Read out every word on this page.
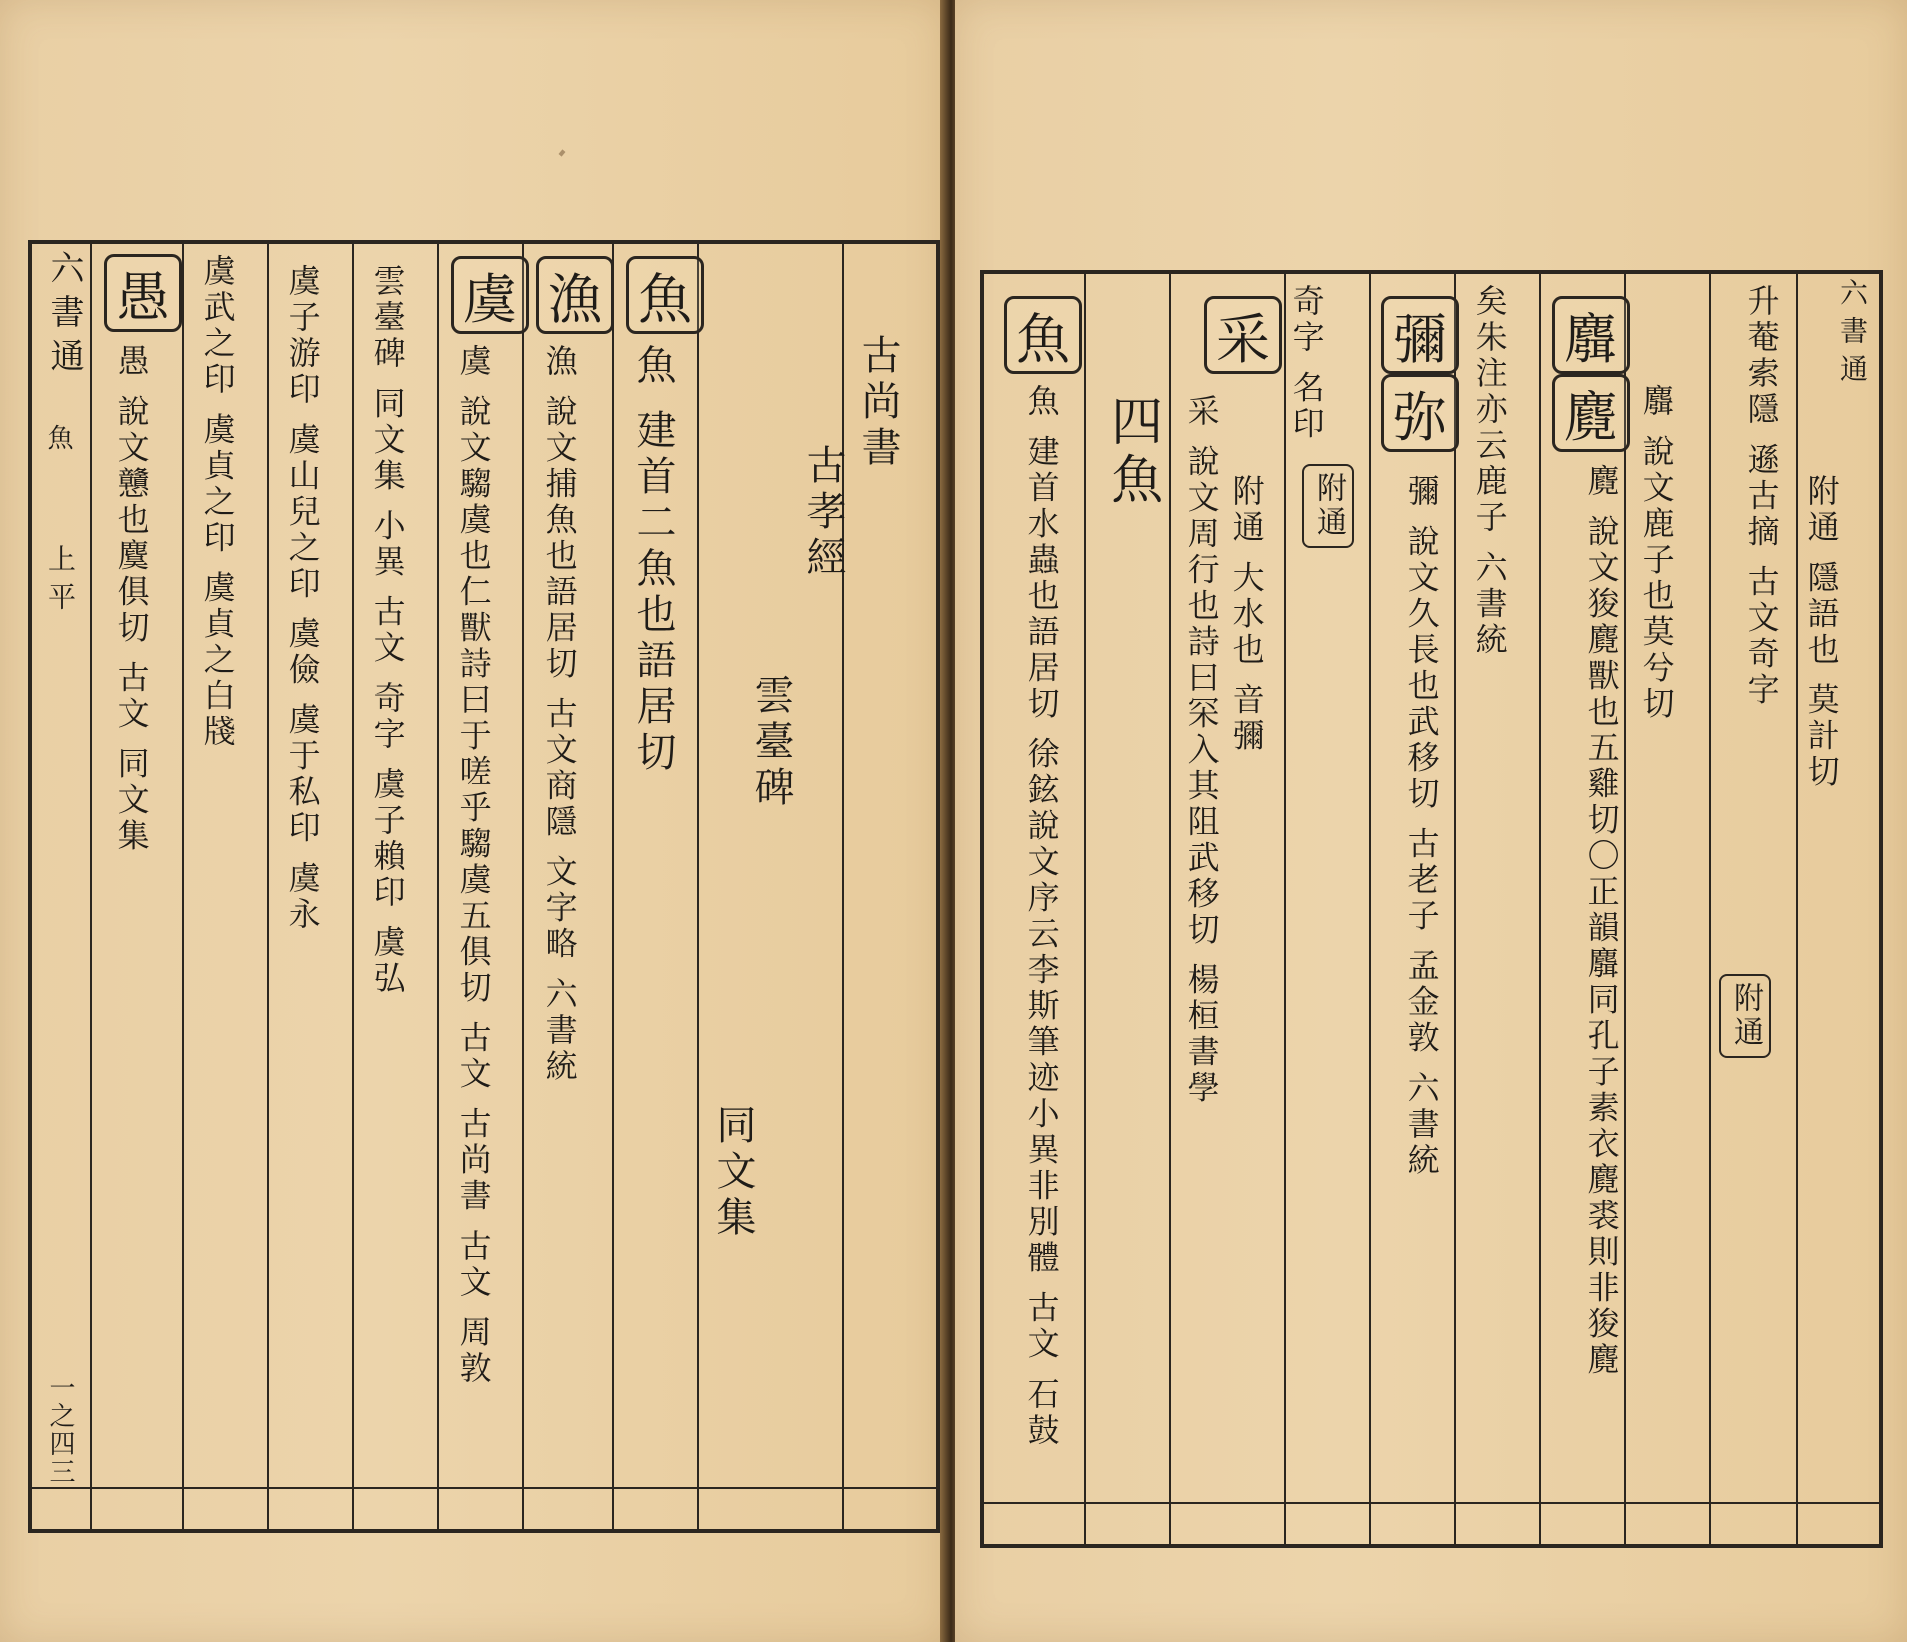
六書通
魚
上平
一之四三
愚	虞 漁 魚
古尚書
古孝經
雲臺碑
同文集
魚 建首二魚也語居切
漁 說文捕魚也語居切 古文商隱 文字略 六書統
虞 說文騶虞也仁獸詩曰于嗟乎騶虞五俱切 古文 古尚書 古文 周敦
雲臺碑 同文集 小異 古文 奇字 虞子賴印 虞弘
虞子游印 虞山兒之印 虞儉 虞于私印 虞永
虞武之印 虞貞之印 虞貞之白牋
愚 說文戇也麌俱切 古文 同文集
魚	采 彌
弥
麛
麑
附通
附通
升菴索隱 遜古摘 古文奇字 附通 隱語也 莫計切
麛 說文鹿子也莫兮切
麑 說文狻麑獸也五雞切〇正韻麛同孔子素衣麑裘則非狻麑
矣朱注亦云鹿子 六書統
彌 說文久長也武移切 古老子 孟金敦 六書統
奇字 名印
附通 大水也 音彌
采 說文周行也詩曰罙入其阻武移切 楊桓書學
四魚
魚 建首水蟲也語居切 徐鉉說文序云李斯筆迹小異非別體 古文 石鼓
六書通
